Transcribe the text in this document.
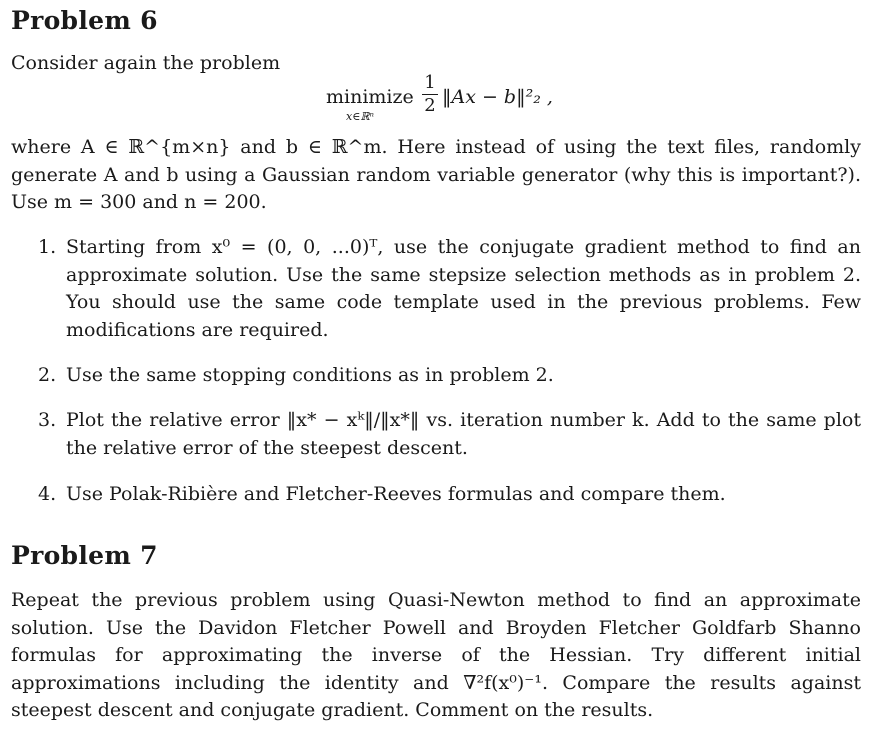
Problem 6

Consider again the problem

minimize
x∈ℝⁿ
1
2 ‖Ax − b‖²₂ ,

where A ∈ ℝ^{m×n} and b ∈ ℝ^m. Here instead of using the text files, randomly generate A and b using a Gaussian random variable generator (why this is important?). Use m = 300 and n = 200.

1. Starting from x⁰ = (0, 0, ...0)ᵀ, use the conjugate gradient method to find an approximate solution. Use the same stepsize selection methods as in problem 2. You should use the same code template used in the previous problems. Few modifications are required.
2. Use the same stopping conditions as in problem 2.
3. Plot the relative error ‖x* − xᵏ‖/‖x*‖ vs. iteration number k. Add to the same plot the relative error of the steepest descent.
4. Use Polak-Ribière and Fletcher-Reeves formulas and compare them.
Problem 7

Repeat the previous problem using Quasi-Newton method to find an approximate solution. Use the Davidon Fletcher Powell and Broyden Fletcher Goldfarb Shanno formulas for approximating the inverse of the Hessian. Try different initial approximations including the identity and ∇²f(x⁰)⁻¹. Compare the results against steepest descent and conjugate gradient. Comment on the results.
